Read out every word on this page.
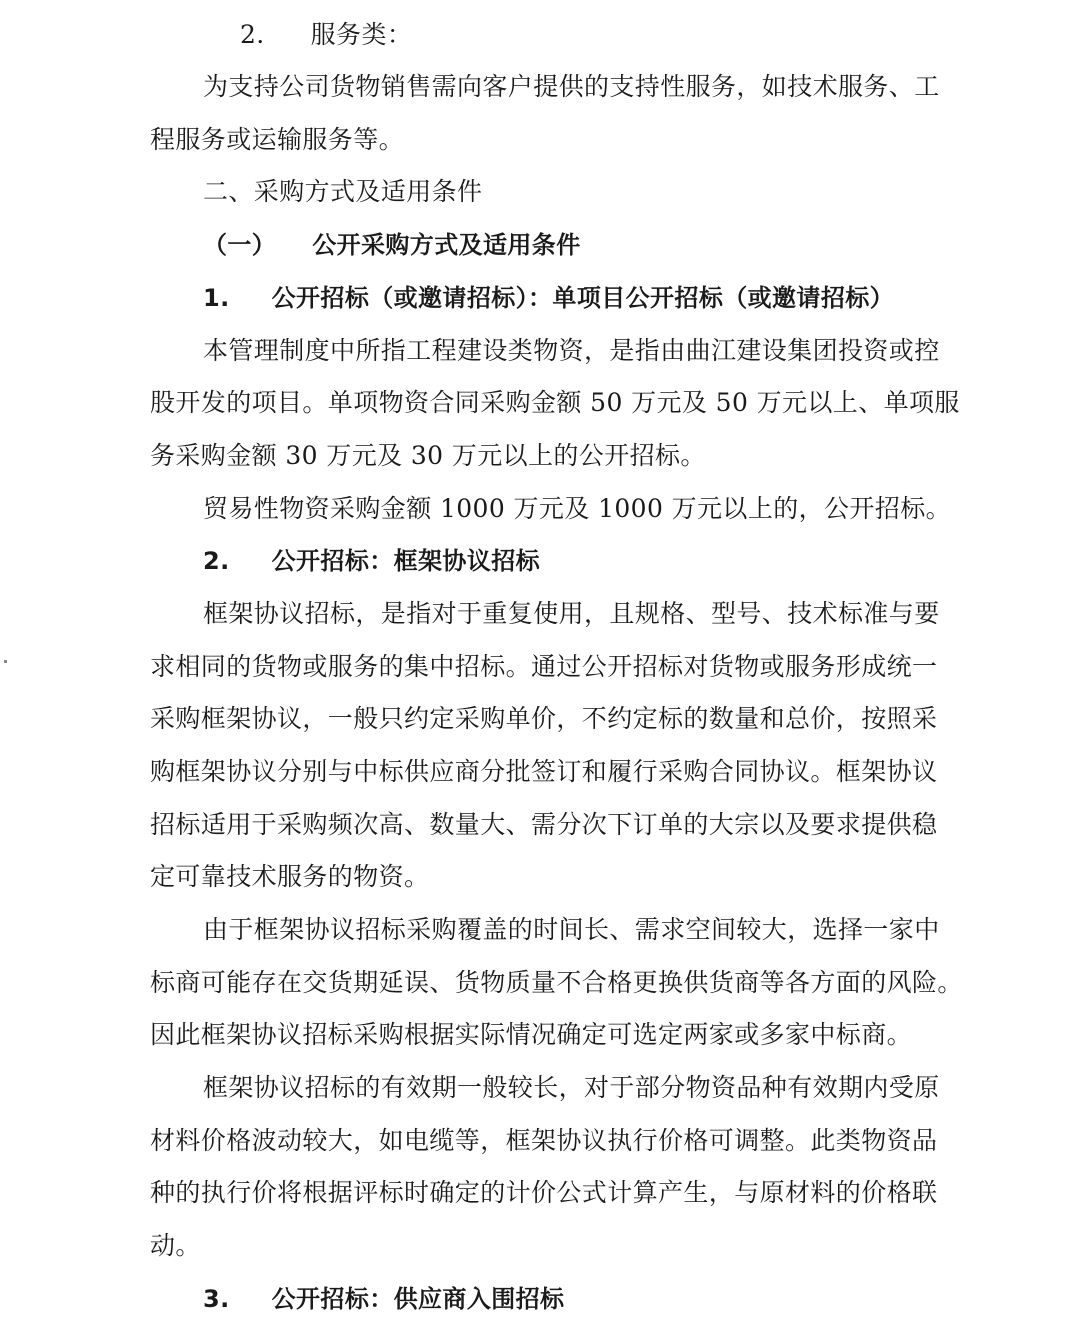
2. 服务类：
为支持公司货物销售需向客户提供的支持性服务，如技术服务、工
程服务或运输服务等。
二、采购方式及适用条件
（一） 公开采购方式及适用条件
1. 公开招标（或邀请招标）：单项目公开招标（或邀请招标）
本管理制度中所指工程建设类物资，是指由曲江建设集团投资或控
股开发的项目。单项物资合同采购金额 50 万元及 50 万元以上、单项服
务采购金额 30 万元及 30 万元以上的公开招标。
贸易性物资采购金额 1000 万元及 1000 万元以上的，公开招标。
2. 公开招标：框架协议招标
框架协议招标，是指对于重复使用，且规格、型号、技术标准与要
求相同的货物或服务的集中招标。通过公开招标对货物或服务形成统一
采购框架协议，一般只约定采购单价，不约定标的数量和总价，按照采
购框架协议分别与中标供应商分批签订和履行采购合同协议。框架协议
招标适用于采购频次高、数量大、需分次下订单的大宗以及要求提供稳
定可靠技术服务的物资。
由于框架协议招标采购覆盖的时间长、需求空间较大，选择一家中
标商可能存在交货期延误、货物质量不合格更换供货商等各方面的风险。
因此框架协议招标采购根据实际情况确定可选定两家或多家中标商。
框架协议招标的有效期一般较长，对于部分物资品种有效期内受原
材料价格波动较大，如电缆等，框架协议执行价格可调整。此类物资品
种的执行价将根据评标时确定的计价公式计算产生，与原材料的价格联
动。
3. 公开招标：供应商入围招标
